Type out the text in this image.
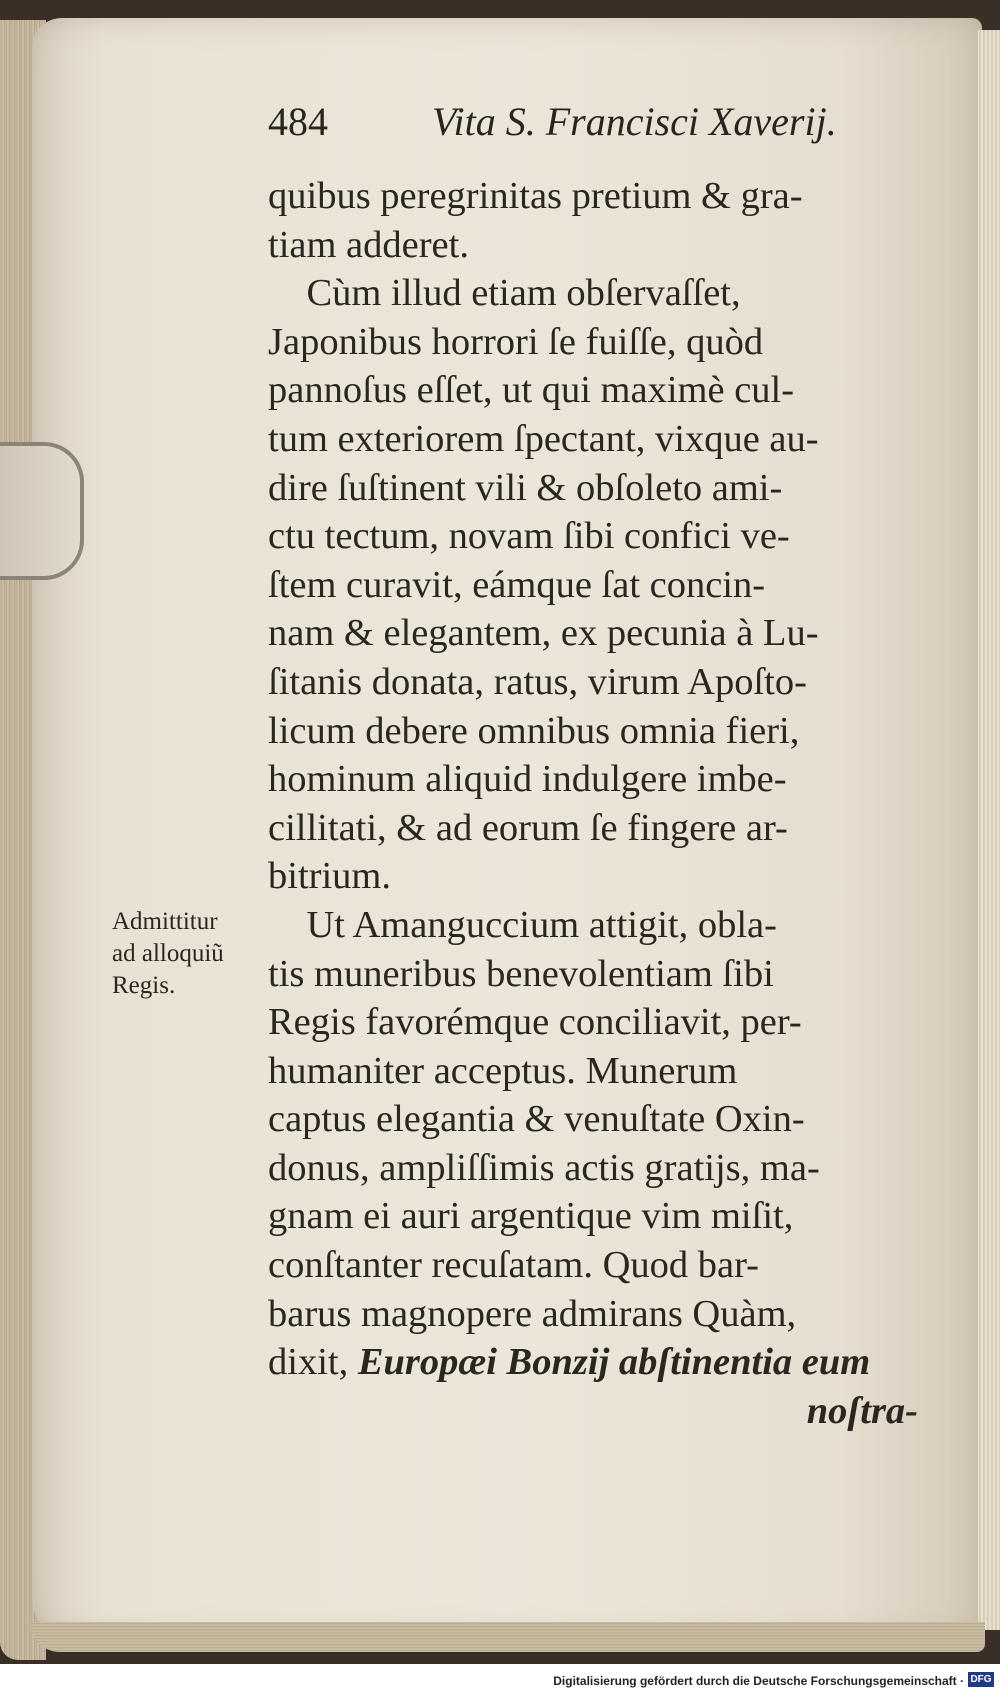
484	Vita S. Francisci Xaverij.
Admittitur
ad alloquiũ
Regis.
quibus peregrinitas pretium & gra-
tiam adderet.
Cùm illud etiam obſervaſſet,
Japonibus horrori ſe fuiſſe, quòd
pannoſus eſſet, ut qui maximè cul-
tum exteriorem ſpectant, vixque au-
dire ſuſtinent vili & obſoleto ami-
ctu tectum, novam ſibi confici ve-
ſtem curavit, eámque ſat concin-
nam & elegantem, ex pecunia à Lu-
ſitanis donata, ratus, virum Apoſto-
licum debere omnibus omnia fieri,
hominum aliquid indulgere imbe-
cillitati, & ad eorum ſe fingere ar-
bitrium.
Ut Amanguccium attigit, obla-
tis muneribus benevolentiam ſibi
Regis favorémque conciliavit, per-
humaniter acceptus. Munerum
captus elegantia & venuſtate Oxin-
donus, ampliſſimis actis gratijs, ma-
gnam ei auri argentique vim miſit,
conſtanter recuſatam. Quod bar-
barus magnopere admirans Quàm,
dixit, Europæi Bonzij abſtinentia eum
noſtra-
Digitalisierung gefördert durch die Deutsche Forschungsgemeinschaft · DFG
